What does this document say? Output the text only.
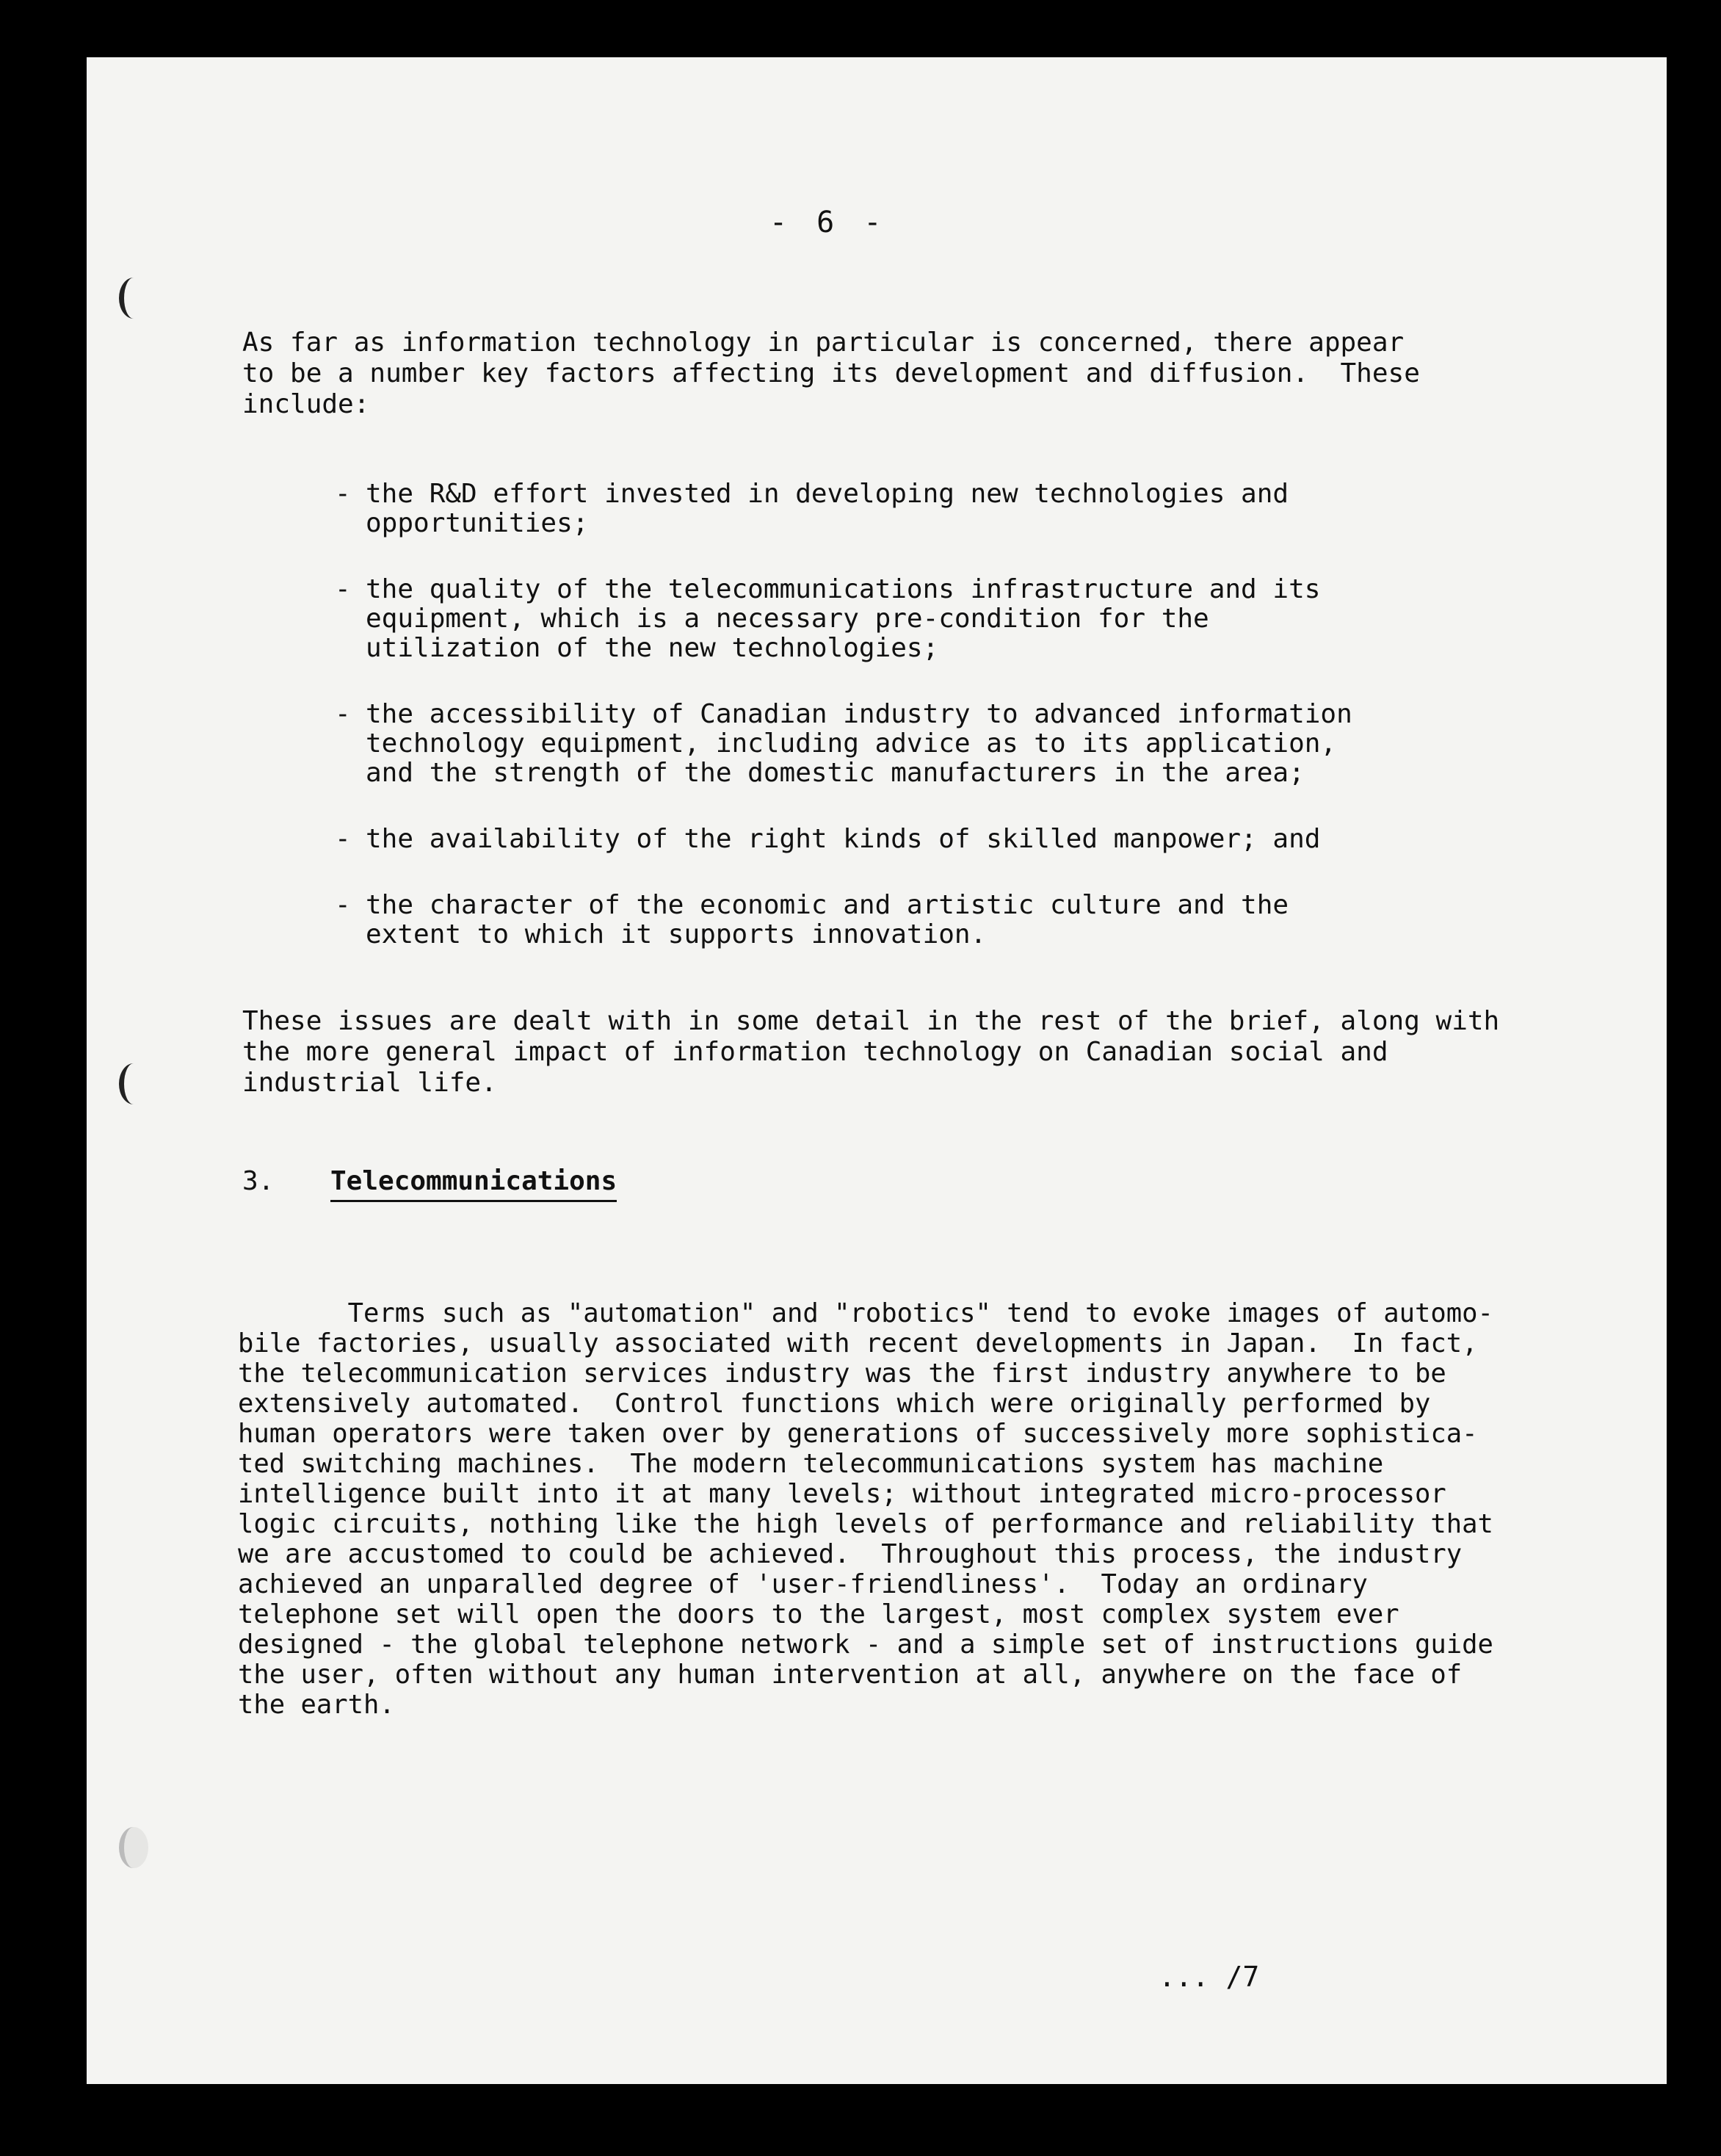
- 6 -

As far as information technology in particular is concerned, there appear
to be a number key factors affecting its development and diffusion.  These
include:

- the R&D effort invested in developing new technologies and
opportunities;
- the quality of the telecommunications infrastructure and its
equipment, which is a necessary pre-condition for the
utilization of the new technologies;
- the accessibility of Canadian industry to advanced information
technology equipment, including advice as to its application,
and the strength of the domestic manufacturers in the area;
- the availability of the right kinds of skilled manpower; and
- the character of the economic and artistic culture and the
extent to which it supports innovation.

These issues are dealt with in some detail in the rest of the brief, along with
the more general impact of information technology on Canadian social and
industrial life.

3. Telecommunications

Terms such as "automation" and "robotics" tend to evoke images of automo-
bile factories, usually associated with recent developments in Japan.  In fact,
the telecommunication services industry was the first industry anywhere to be
extensively automated.  Control functions which were originally performed by
human operators were taken over by generations of successively more sophistica-
ted switching machines.  The modern telecommunications system has machine
intelligence built into it at many levels; without integrated micro-processor
logic circuits, nothing like the high levels of performance and reliability that
we are accustomed to could be achieved.  Throughout this process, the industry
achieved an unparalled degree of 'user-friendliness'.  Today an ordinary
telephone set will open the doors to the largest, most complex system ever
designed - the global telephone network - and a simple set of instructions guide
the user, often without any human intervention at all, anywhere on the face of
the earth.

... /7
